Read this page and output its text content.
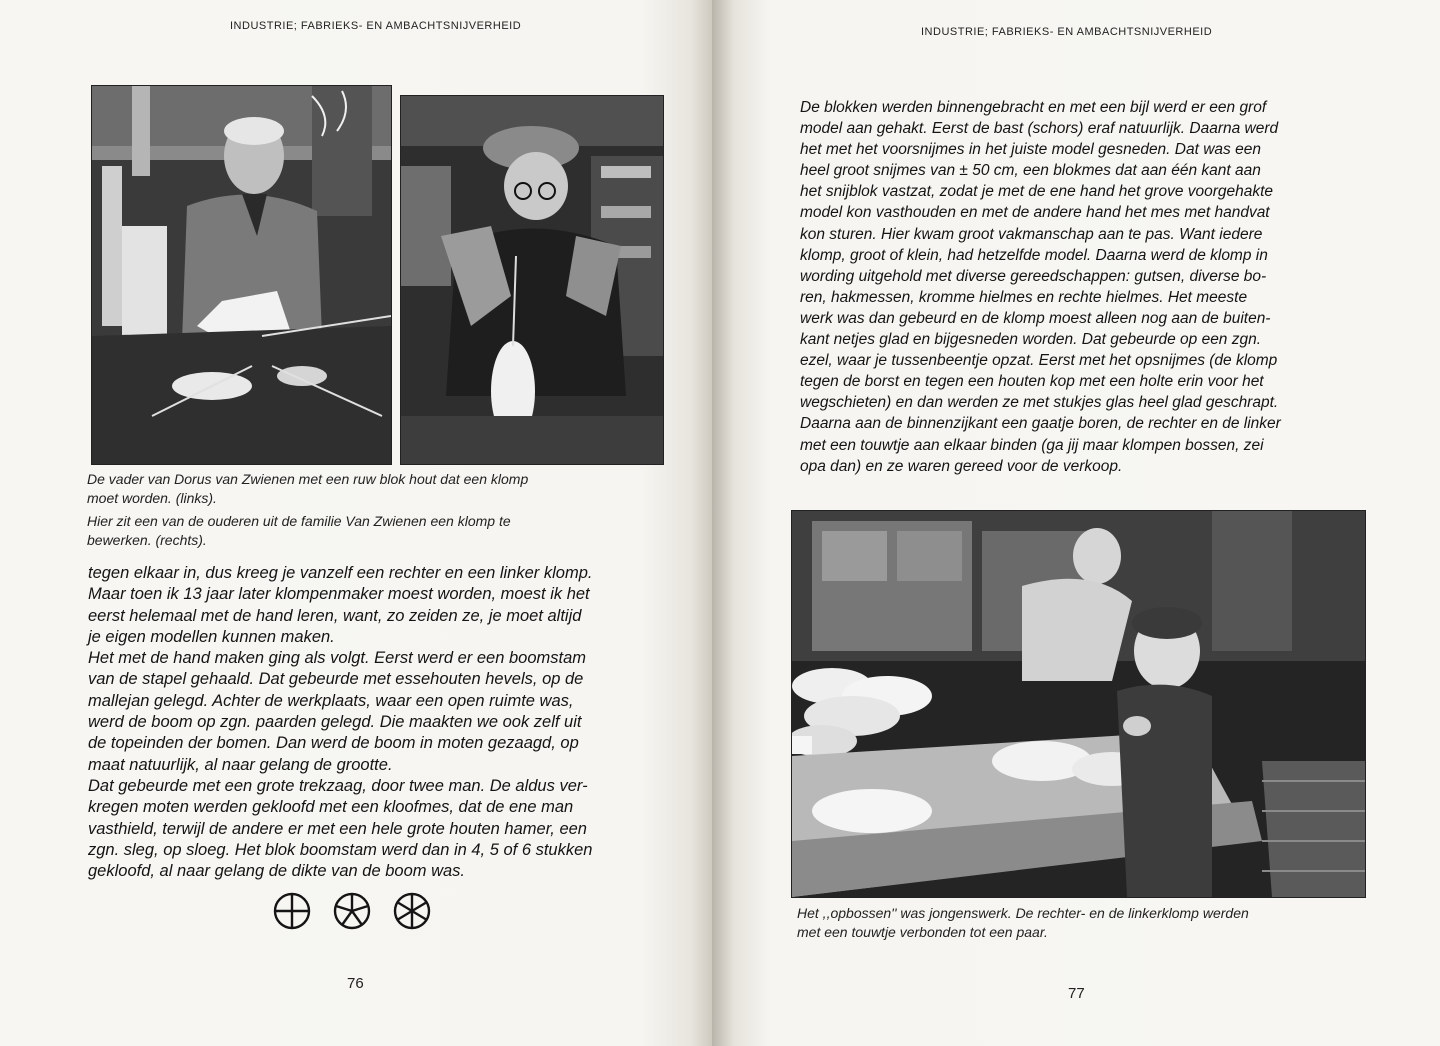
INDUSTRIE; FABRIEKS- EN AMBACHTSNIJVERHEID

De vader van Dorus van Zwienen met een ruw blok hout dat een klomp
moet worden. (links).

Hier zit een van de ouderen uit de familie Van Zwienen een klomp te
bewerken. (rechts).

tegen elkaar in, dus kreeg je vanzelf een rechter en een linker klomp.
Maar toen ik 13 jaar later klompenmaker moest worden, moest ik het
eerst helemaal met de hand leren, want, zo zeiden ze, je moet altijd
je eigen modellen kunnen maken.
Het met de hand maken ging als volgt. Eerst werd er een boomstam
van de stapel gehaald. Dat gebeurde met essehouten hevels, op de
mallejan gelegd. Achter de werkplaats, waar een open ruimte was,
werd de boom op zgn. paarden gelegd. Die maakten we ook zelf uit
de topeinden der bomen. Dan werd de boom in moten gezaagd, op
maat natuurlijk, al naar gelang de grootte.
Dat gebeurde met een grote trekzaag, door twee man. De aldus ver-
kregen moten werden gekloofd met een kloofmes, dat de ene man
vasthield, terwijl de andere er met een hele grote houten hamer, een
zgn. sleg, op sloeg. Het blok boomstam werd dan in 4, 5 of 6 stukken
gekloofd, al naar gelang de dikte van de boom was.
76
INDUSTRIE; FABRIEKS- EN AMBACHTSNIJVERHEID
De blokken werden binnengebracht en met een bijl werd er een grof
model aan gehakt. Eerst de bast (schors) eraf natuurlijk. Daarna werd
het met het voorsnijmes in het juiste model gesneden. Dat was een
heel groot snijmes van ± 50 cm, een blokmes dat aan één kant aan
het snijblok vastzat, zodat je met de ene hand het grove voorgehakte
model kon vasthouden en met de andere hand het mes met handvat
kon sturen. Hier kwam groot vakmanschap aan te pas. Want iedere
klomp, groot of klein, had hetzelfde model. Daarna werd de klomp in
wording uitgehold met diverse gereedschappen: gutsen, diverse bo-
ren, hakmessen, kromme hielmes en rechte hielmes. Het meeste
werk was dan gebeurd en de klomp moest alleen nog aan de buiten-
kant netjes glad en bijgesneden worden. Dat gebeurde op een zgn.
ezel, waar je tussenbeentje opzat. Eerst met het opsnijmes (de klomp
tegen de borst en tegen een houten kop met een holte erin voor het
wegschieten) en dan werden ze met stukjes glas heel glad geschrapt.
Daarna aan de binnenzijkant een gaatje boren, de rechter en de linker
met een touwtje aan elkaar binden (ga jij maar klompen bossen, zei
opa dan) en ze waren gereed voor de verkoop.
Het ,,opbossen'' was jongenswerk. De rechter- en de linkerklomp werden
met een touwtje verbonden tot een paar.
77
